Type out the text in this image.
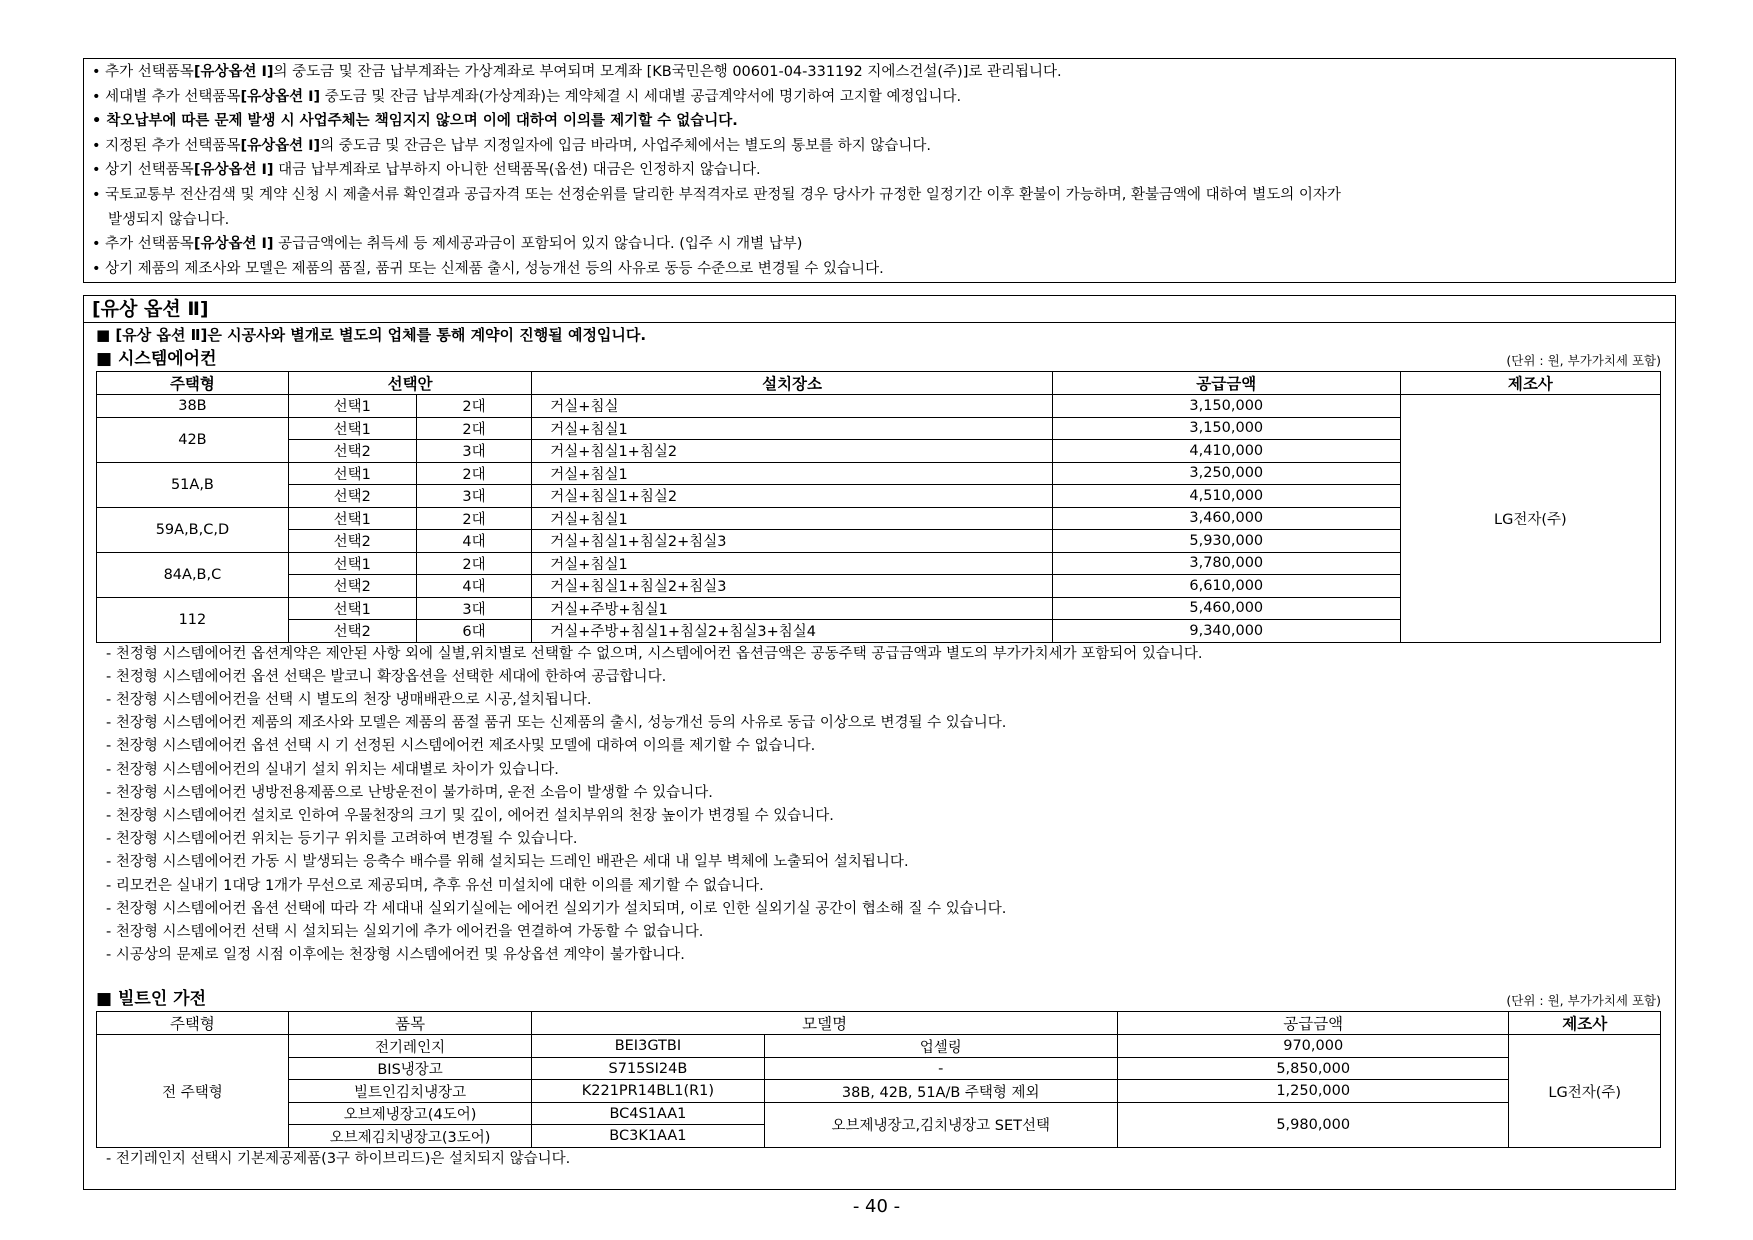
• 추가 선택품목[유상옵션 Ⅰ]의 중도금 및 잔금 납부계좌는 가상계좌로 부여되며 모계좌 [KB국민은행 00601-04-331192 지에스건설(주)]로 관리됩니다.
• 세대별 추가 선택품목[유상옵션 Ⅰ] 중도금 및 잔금 납부계좌(가상계좌)는 계약체결 시 세대별 공급계약서에 명기하여 고지할 예정입니다.
• 착오납부에 따른 문제 발생 시 사업주체는 책임지지 않으며 이에 대하여 이의를 제기할 수 없습니다.
• 지정된 추가 선택품목[유상옵션 Ⅰ]의 중도금 및 잔금은 납부 지정일자에 입금 바라며, 사업주체에서는 별도의 통보를 하지 않습니다.
• 상기 선택품목[유상옵션 Ⅰ] 대금 납부계좌로 납부하지 아니한 선택품목(옵션) 대금은 인정하지 않습니다.
• 국토교통부 전산검색 및 계약 신청 시 제출서류 확인결과 공급자격 또는 선정순위를 달리한 부적격자로 판정될 경우 당사가 규정한 일정기간 이후 환불이 가능하며, 환불금액에 대하여 별도의 이자가
발생되지 않습니다.
• 추가 선택품목[유상옵션 Ⅰ] 공급금액에는 취득세 등 제세공과금이 포함되어 있지 않습니다. (입주 시 개별 납부)
• 상기 제품의 제조사와 모델은 제품의 품질, 품귀 또는 신제품 출시, 성능개선 등의 사유로 동등 수준으로 변경될 수 있습니다.
[유상 옵션 Ⅱ]
■ [유상 옵션 Ⅱ]은 시공사와 별개로 별도의 업체를 통해 계약이 진행될 예정입니다.
■ 시스템에어컨	(단위 : 원, 부가가치세 포함)
주택형	선택안		설치장소	공급금액	제조사
38B	선택1	2대	거실+침실	3,150,000	LG전자(주)
42B	선택1	2대	거실+침실1	3,150,000	
	선택2	3대	거실+침실1+침실2	4,410,000	
51A,B	선택1	2대	거실+침실1	3,250,000	
	선택2	3대	거실+침실1+침실2	4,510,000	
59A,B,C,D	선택1	2대	거실+침실1	3,460,000	
	선택2	4대	거실+침실1+침실2+침실3	5,930,000	
84A,B,C	선택1	2대	거실+침실1	3,780,000	
	선택2	4대	거실+침실1+침실2+침실3	6,610,000	
112	선택1	3대	거실+주방+침실1	5,460,000	
	선택2	6대	거실+주방+침실1+침실2+침실3+침실4	9,340,000	
- 천정형 시스템에어컨 옵션계약은 제안된 사항 외에 실별,위치별로 선택할 수 없으며, 시스템에어컨 옵션금액은 공동주택 공급금액과 별도의 부가가치세가 포함되어 있습니다.
- 천정형 시스템에어컨 옵션 선택은 발코니 확장옵션을 선택한 세대에 한하여 공급합니다.
- 천장형 시스템에어컨을 선택 시 별도의 천장 냉매배관으로 시공,설치됩니다.
- 천장형 시스템에어컨 제품의 제조사와 모델은 제품의 품절 품귀 또는 신제품의 출시, 성능개선 등의 사유로 동급 이상으로 변경될 수 있습니다.
- 천장형 시스템에어컨 옵션 선택 시 기 선정된 시스템에어컨 제조사및 모델에 대하여 이의를 제기할 수 없습니다.
- 천장형 시스템에어컨의 실내기 설치 위치는 세대별로 차이가 있습니다.
- 천장형 시스템에어컨 냉방전용제품으로 난방운전이 불가하며, 운전 소음이 발생할 수 있습니다.
- 천장형 시스템에어컨 설치로 인하여 우물천장의 크기 및 깊이, 에어컨 설치부위의 천장 높이가 변경될 수 있습니다.
- 천장형 시스템에어컨 위치는 등기구 위치를 고려하여 변경될 수 있습니다.
- 천장형 시스템에어컨 가동 시 발생되는 응축수 배수를 위해 설치되는 드레인 배관은 세대 내 일부 벽체에 노출되어 설치됩니다.
- 리모컨은 실내기 1대당 1개가 무선으로 제공되며, 추후 유선 미설치에 대한 이의를 제기할 수 없습니다.
- 천장형 시스템에어컨 옵션 선택에 따라 각 세대내 실외기실에는 에어컨 실외기가 설치되며, 이로 인한 실외기실 공간이 협소해 질 수 있습니다.
- 천장형 시스템에어컨 선택 시 설치되는 실외기에 추가 에어컨을 연결하여 가동할 수 없습니다.
- 시공상의 문제로 일정 시점 이후에는 천장형 시스템에어컨 및 유상옵션 계약이 불가합니다.
■ 빌트인 가전	(단위 : 원, 부가가치세 포함)
주택형	품목	모델명		공급금액	제조사
전 주택형	전기레인지	BEI3GTBI	업셀링	970,000	LG전자(주)
	BIS냉장고	S715SI24B	-	5,850,000	
	빌트인김치냉장고	K221PR14BL1(R1)	38B, 42B, 51A/B 주택형 제외	1,250,000	
	오브제냉장고(4도어)	BC4S1AA1	오브제냉장고,김치냉장고 SET선택	5,980,000	
	오브제김치냉장고(3도어)	BC3K1AA1			
- 전기레인지 선택시 기본제공제품(3구 하이브리드)은 설치되지 않습니다.
- 40 -
